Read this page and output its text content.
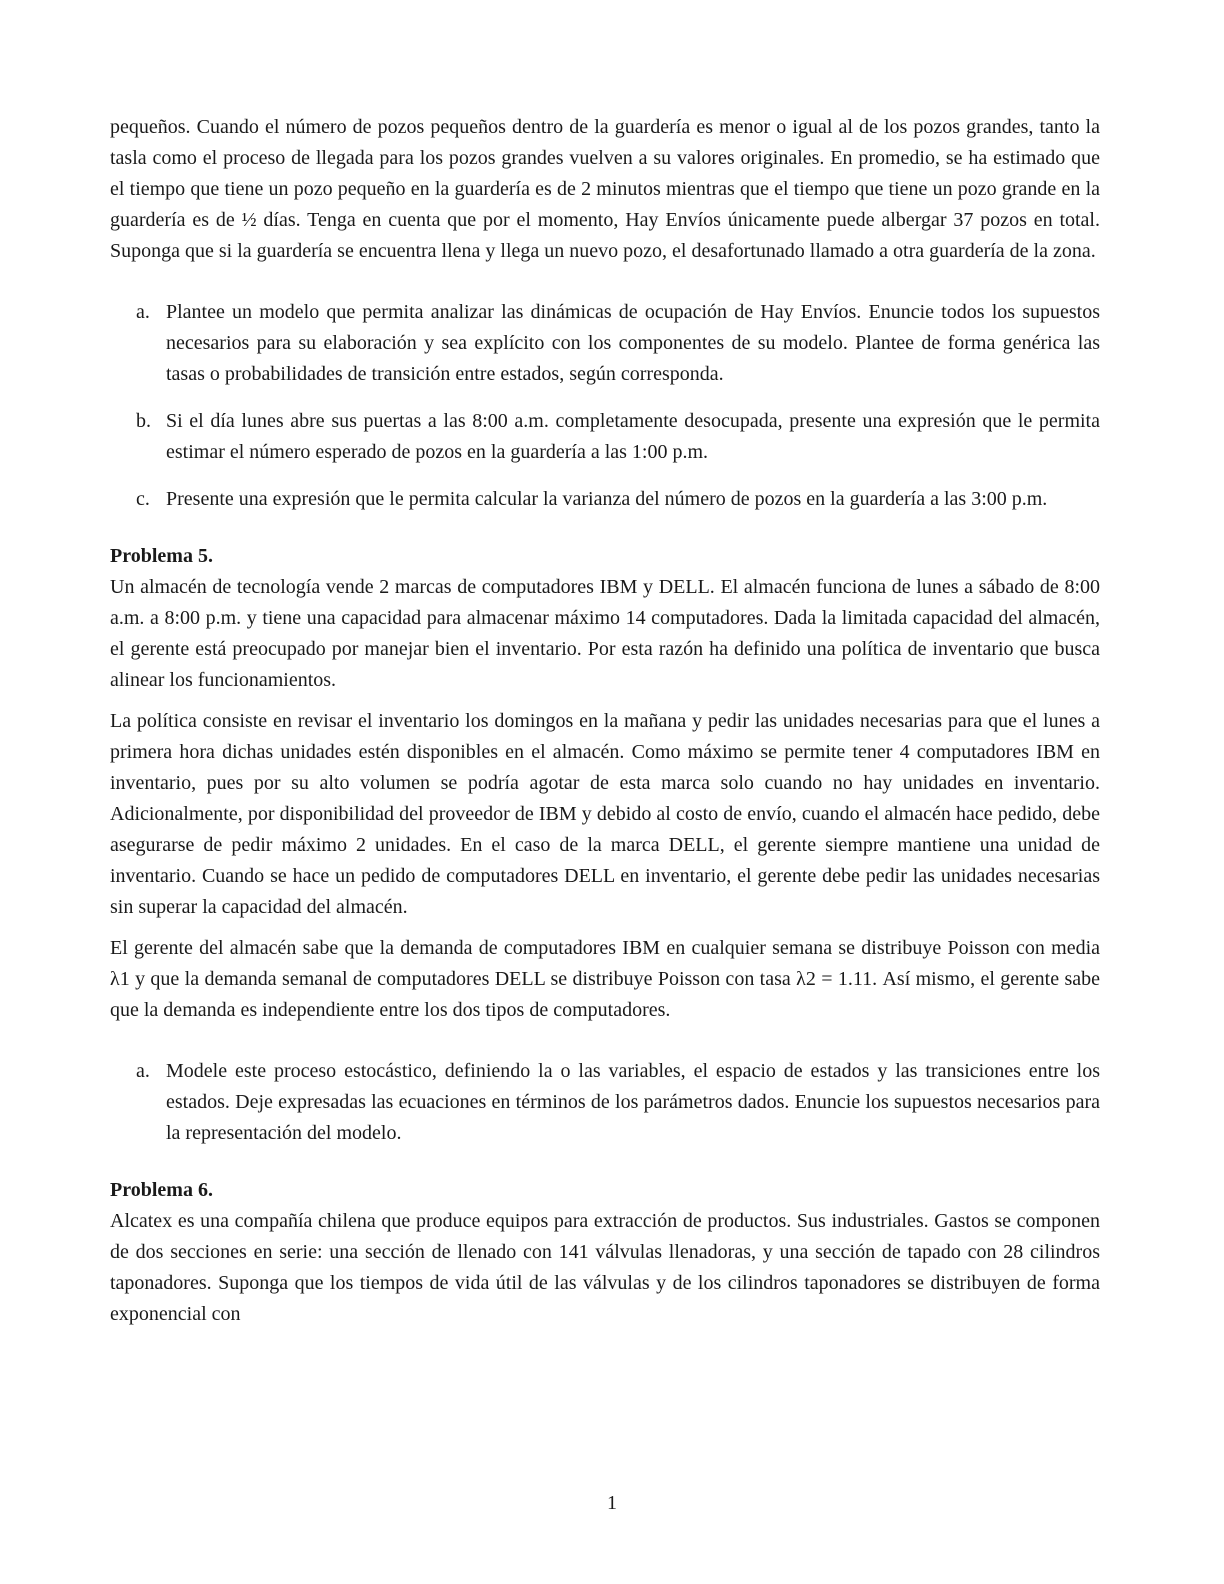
pequeños. Cuando el número de pozos pequeños dentro de la guardería es menor o igual al de los pozos grandes, tanto la tasla como el proceso de llegada para los pozos grandes vuelven a su valores originales. En promedio, se ha estimado que el tiempo que tiene un pozo pequeño en la guardería es de 2 minutos mientras que el tiempo que tiene un pozo grande en la guardería es de ½ días. Tenga en cuenta que por el momento, Hay Envíos únicamente puede albergar 37 pozos en total. Suponga que si la guardería se encuentra llena y llega un nuevo pozo, el desafortunado llamado a otra guardería de la zona.

a. Plantee un modelo que permita analizar las dinámicas de ocupación de Hay Envíos. Enuncie todos los supuestos necesarios para su elaboración y sea explícito con los componentes de su modelo. Plantee de forma genérica las tasas o probabilidades de transición entre estados, según corresponda.
b. Si el día lunes abre sus puertas a las 8:00 a.m. completamente desocupada, presente una expresión que le permita estimar el número esperado de pozos en la guardería a las 1:00 p.m.
c. Presente una expresión que le permita calcular la varianza del número de pozos en la guardería a las 3:00 p.m.
Problema 5.

Un almacén de tecnología vende 2 marcas de computadores IBM y DELL. El almacén funciona de lunes a sábado de 8:00 a.m. a 8:00 p.m. y tiene una capacidad para almacenar máximo 14 computadores. Dada la limitada capacidad del almacén, el gerente está preocupado por manejar bien el inventario. Por esta razón ha definido una política de inventario que busca alinear los funcionamientos.

La política consiste en revisar el inventario los domingos en la mañana y pedir las unidades necesarias para que el lunes a primera hora dichas unidades estén disponibles en el almacén. Como máximo se permite tener 4 computadores IBM en inventario, pues por su alto volumen se podría agotar de esta marca solo cuando no hay unidades en inventario. Adicionalmente, por disponibilidad del proveedor de IBM y debido al costo de envío, cuando el almacén hace pedido, debe asegurarse de pedir máximo 2 unidades. En el caso de la marca DELL, el gerente siempre mantiene una unidad de inventario. Cuando se hace un pedido de computadores DELL en inventario, el gerente debe pedir las unidades necesarias sin superar la capacidad del almacén.

El gerente del almacén sabe que la demanda de computadores IBM en cualquier semana se distribuye Poisson con media λ1 y que la demanda semanal de computadores DELL se distribuye Poisson con tasa λ2 = 1.11. Así mismo, el gerente sabe que la demanda es independiente entre los dos tipos de computadores.

a. Modele este proceso estocástico, definiendo la o las variables, el espacio de estados y las transiciones entre los estados. Deje expresadas las ecuaciones en términos de los parámetros dados. Enuncie los supuestos necesarios para la representación del modelo.
Problema 6.

Alcatex es una compañía chilena que produce equipos para extracción de productos. Sus industriales. Gastos se componen de dos secciones en serie: una sección de llenado con 141 válvulas llenadoras, y una sección de tapado con 28 cilindros taponadores. Suponga que los tiempos de vida útil de las válvulas y de los cilindros taponadores se distribuyen de forma exponencial con

1
